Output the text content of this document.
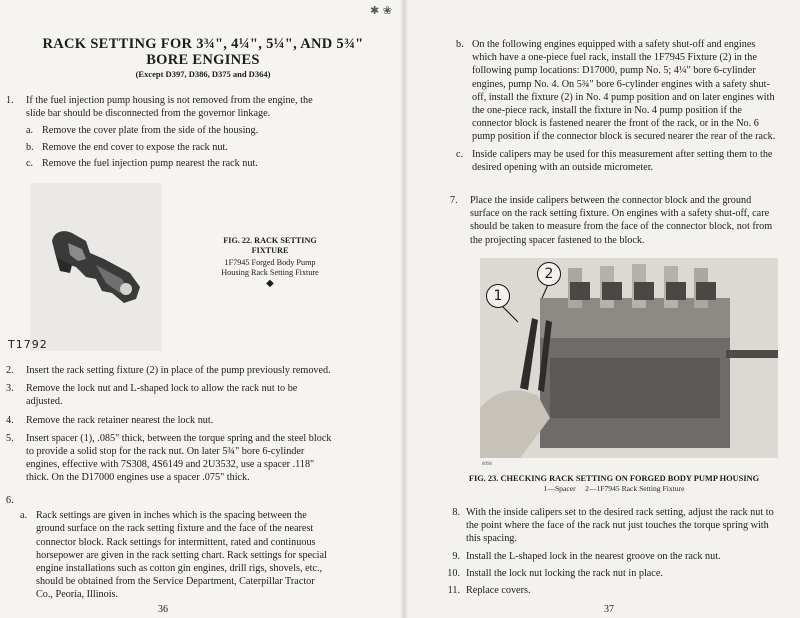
RACK SETTING FOR 3¾", 4¼", 5¼", AND 5¾"
BORE ENGINES
(Except D397, D386, D375 and D364)
1.	If the fuel injection pump housing is not removed from the engine, the slide bar should be disconnected from the governor linkage.
a. Remove the cover plate from the side of the housing.
b. Remove the end cover to expose the rack nut.
c. Remove the fuel injection pump nearest the rack nut.
T1792
FIG. 22. RACK SETTING
FIXTURE
1F7945 Forged Body Pump Housing Rack Setting Fixture
◆
2.	Insert the rack setting fixture (2) in place of the pump previously removed.
3.	Remove the lock nut and L-shaped lock to allow the rack nut to be adjusted.
4.	Remove the rack retainer nearest the lock nut.
5.	Insert spacer (1), .085" thick, between the torque spring and the steel block to provide a solid stop for the rack nut. On later 5¾" bore 6-cylinder engines, effective with 7S308, 4S6149 and 2U3532, use a spacer .118" thick. On the D17000 engines use a spacer .075" thick.
6.
a. Rack settings are given in inches which is the spacing between the ground surface on the rack setting fixture and the face of the nearest connector block. Rack settings for intermittent, rated and continuous horsepower are given in the rack setting chart. Rack settings for special engine installations such as cotton gin engines, drill rigs, shovels, etc., should be obtained from the Service Department, Caterpillar Tractor Co., Peoria, Illinois.
36
✱ ❀
b. On the following engines equipped with a safety shut-off and engines which have a one-piece fuel rack, install the 1F7945 Fixture (2) in the following pump locations: D17000, pump No. 5; 4¼" bore 6-cylinder engines, pump No. 4. On 5¾" bore 6-cylinder engines with a safety shut-off, install the fixture (2) in No. 4 pump position and on later engines with the one-piece rack, install the fixture in No. 4 pump position if the connector block is fastened nearer the front of the rack, or in the No. 6 pump position if the connector block is secured nearer the rear of the rack.
c. Inside calipers may be used for this measurement after setting them to the desired opening with an outside micrometer.
7.	Place the inside calipers between the connector block and the ground surface on the rack setting fixture. On engines with a safety shut-off, care should be taken to measure from the face of the connector block, not from the projecting spacer fastened to the block.
1
2
8096
FIG. 23. CHECKING RACK SETTING ON FORGED BODY PUMP HOUSING
1—Spacer     2—1F7945 Rack Setting Fixture
8. With the inside calipers set to the desired rack setting, adjust the rack nut to the point where the face of the rack nut just touches the torque spring with this spacing.
9. Install the L-shaped lock in the nearest groove on the rack nut.
10. Install the lock nut locking the rack nut in place.
11. Replace covers.
37
